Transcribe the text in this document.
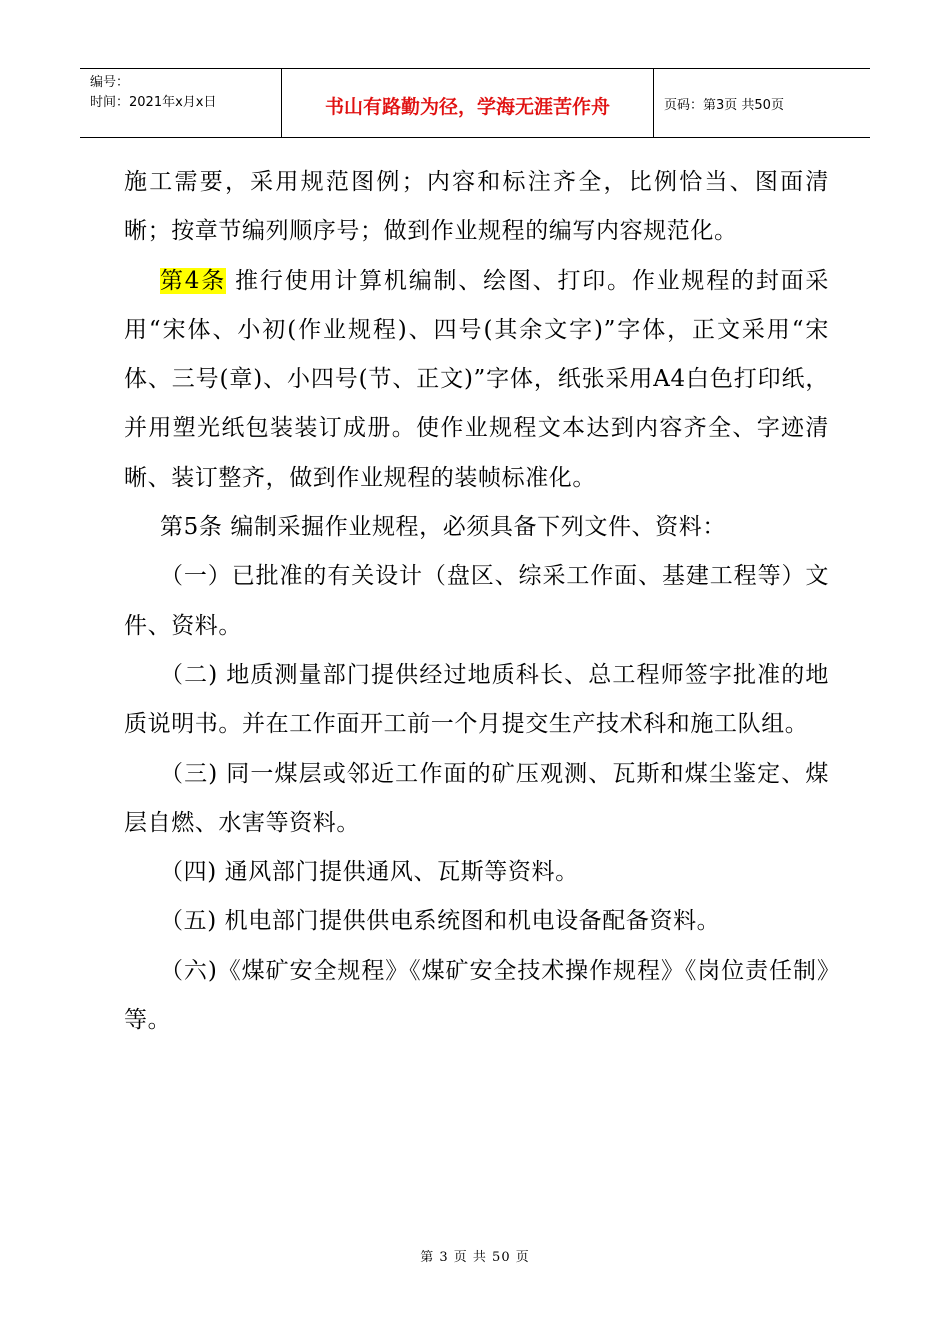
编号：
时间：2021年x月x日	书山有路勤为径，学海无涯苦作舟	页码：第3页 共50页

施工需要，采用规范图例；内容和标注齐全，比例恰当、图面清晰；按章节编列顺序号；做到作业规程的编写内容规范化。

第4条 推行使用计算机编制、绘图、打印。作业规程的封面采用“宋体、小初(作业规程)、四号(其余文字)”字体，正文采用“宋体、三号(章)、小四号(节、正文)”字体，纸张采用A4白色打印纸，并用塑光纸包装装订成册。使作业规程文本达到内容齐全、字迹清晰、装订整齐，做到作业规程的装帧标准化。

第5条 编制采掘作业规程，必须具备下列文件、资料：

（一）已批准的有关设计（盘区、综采工作面、基建工程等）文件、资料。

（二) 地质测量部门提供经过地质科长、总工程师签字批准的地质说明书。并在工作面开工前一个月提交生产技术科和施工队组。

（三) 同一煤层或邻近工作面的矿压观测、瓦斯和煤尘鉴定、煤层自燃、水害等资料。

（四) 通风部门提供通风、瓦斯等资料。

（五) 机电部门提供供电系统图和机电设备配备资料。

（六)《煤矿安全规程》《煤矿安全技术操作规程》《岗位责任制》等。

第 3 页 共 50 页
